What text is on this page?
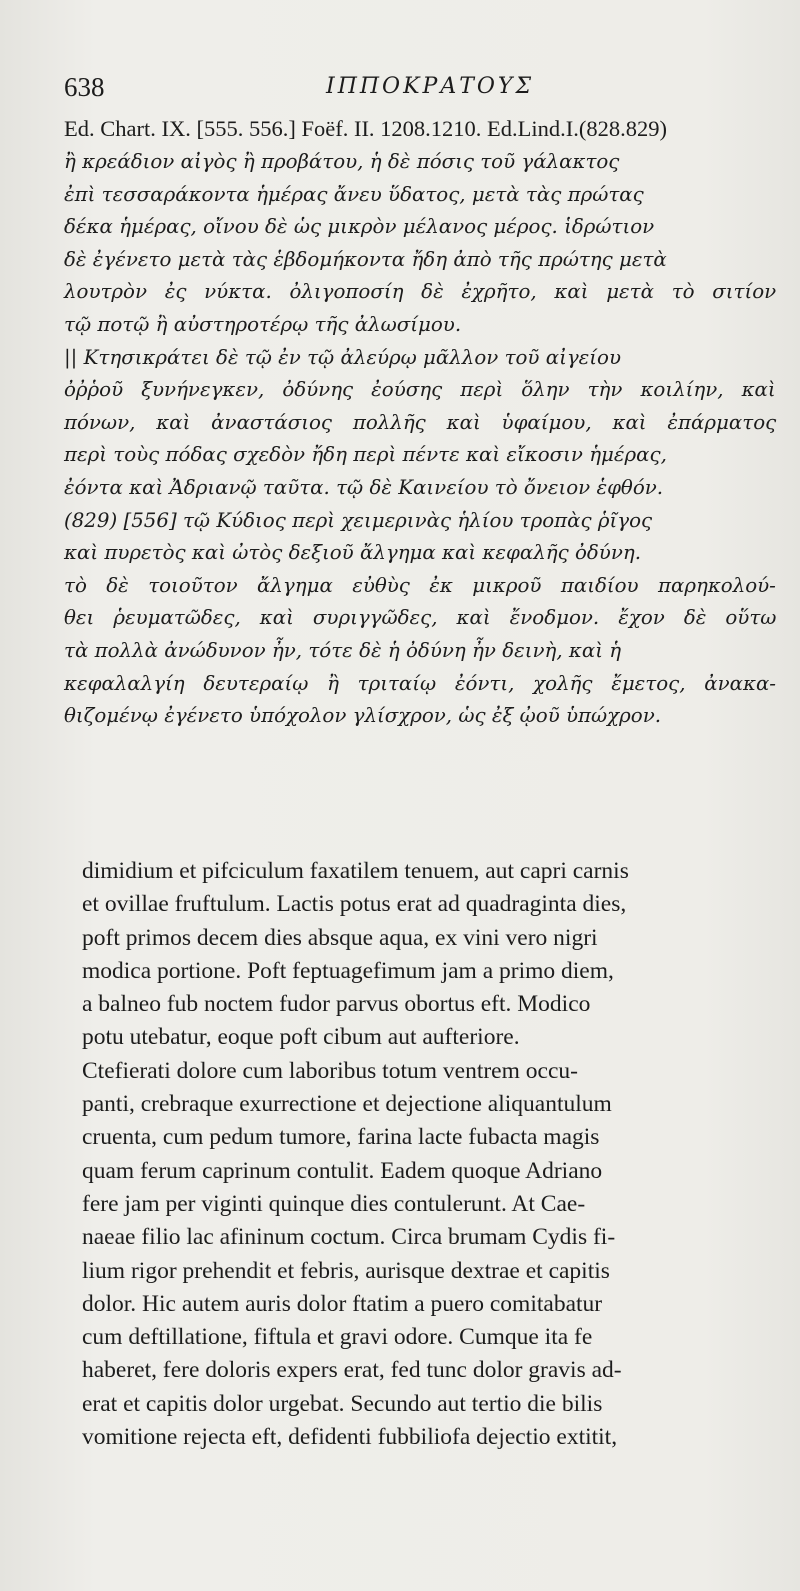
638	ΙΠΠΟΚΡΑΤΟΥΣ
Ed. Chart. IX. [555. 556.] Foëf. II. 1208.1210. Ed.Lind.I.(828.829)
ἢ κρεάδιον αἰγὸς ἢ προβάτου, ἡ δὲ πόσις τοῦ γάλακτος
ἐπὶ τεσσαράκοντα ἡμέρας ἄνευ ὕδατος, μετὰ τὰς πρώτας
δέκα ἡμέρας, οἴνου δὲ ὡς μικρὸν μέλανος μέρος. ἱδρώτιον
δὲ ἐγένετο μετὰ τὰς ἑβδομήκοντα ἤδη ἀπὸ τῆς πρώτης μετὰ
λουτρὸν ἐς νύκτα. ὀλιγοποσίη δὲ ἐχρῆτο, καὶ μετὰ τὸ σιτίον
τῷ ποτῷ ἢ αὐστηροτέρῳ τῆς ἀλωσίμου.
|| Κτησικράτει δὲ τῷ ἐν τῷ ἀλεύρῳ μᾶλλον τοῦ αἰγείου
ὀῤῥοῦ ξυνήνεγκεν, ὀδύνης ἐούσης περὶ ὅλην τὴν κοιλίην, καὶ
πόνων, καὶ ἀναστάσιος πολλῆς καὶ ὑφαίμου, καὶ ἐπάρματος
περὶ τοὺς πόδας σχεδὸν ἤδη περὶ πέντε καὶ εἴκοσιν ἡμέρας,
ἐόντα καὶ Ἀδριανῷ ταῦτα. τῷ δὲ Καινείου τὸ ὄνειον ἑφθόν.
(829) [556] τῷ Κύδιος περὶ χειμερινὰς ἡλίου τροπὰς ῥῖγος
καὶ πυρετὸς καὶ ὠτὸς δεξιοῦ ἄλγημα καὶ κεφαλῆς ὀδύνη.
τὸ δὲ τοιοῦτον ἄλγημα εὐθὺς ἐκ μικροῦ παιδίου παρηκολού-
θει ῥευματῶδες, καὶ συριγγῶδες, καὶ ἔνοδμον. ἔχον δὲ οὕτω
τὰ πολλὰ ἀνώδυνον ἦν, τότε δὲ ἡ ὀδύνη ἦν δεινὴ, καὶ ἡ
κεφαλαλγίη δευτεραίῳ ἢ τριταίῳ ἐόντι, χολῆς ἔμετος, ἀνακα-
θιζομένῳ ἐγένετο ὑπόχολον γλίσχρον, ὡς ἐξ ᾠοῦ ὑπώχρον.
dimidium et pifciculum faxatilem tenuem, aut capri carnis
et ovillae fruftulum. Lactis potus erat ad quadraginta dies,
poft primos decem dies absque aqua, ex vini vero nigri
modica portione. Poft feptuagefimum jam a primo diem,
a balneo fub noctem fudor parvus obortus eft. Modico
potu utebatur, eoque poft cibum aut aufteriore.
Ctefierati dolore cum laboribus totum ventrem occu-
panti, crebraque exurrectione et dejectione aliquantulum
cruenta, cum pedum tumore, farina lacte fubacta magis
quam ferum caprinum contulit. Eadem quoque Adriano
fere jam per viginti quinque dies contulerunt. At Cae-
naeae filio lac afininum coctum. Circa brumam Cydis fi-
lium rigor prehendit et febris, aurisque dextrae et capitis
dolor. Hic autem auris dolor ftatim a puero comitabatur
cum deftillatione, fiftula et gravi odore. Cumque ita fe
haberet, fere doloris expers erat, fed tunc dolor gravis ad-
erat et capitis dolor urgebat. Secundo aut tertio die bilis
vomitione rejecta eft, defidenti fubbiliofa dejectio extitit,
